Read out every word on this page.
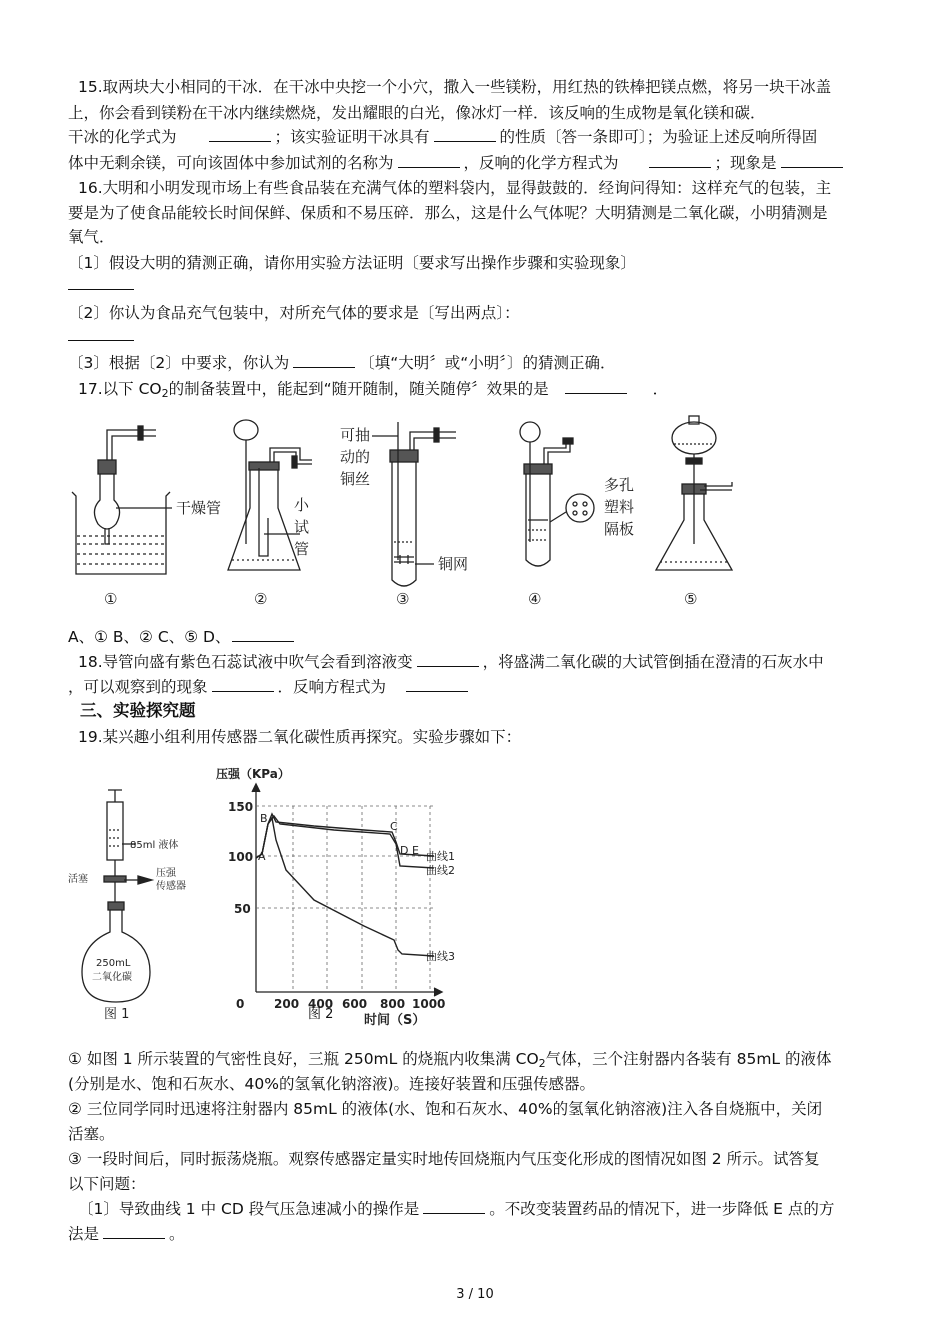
15.取两块大小相同的干冰．在干冰中央挖一个小穴，撒入一些镁粉，用红热的铁棒把镁点燃，将另一块干冰盖
上，你会看到镁粉在干冰内继续燃烧，发出耀眼的白光，像冰灯一样．该反响的生成物是氧化镁和碳．
干冰的化学式为	；该实验证明干冰具有	的性质〔答一条即可〕；为验证上述反响所得固
体中无剩余镁，可向该固体中参加试剂的名称为	，反响的化学方程式为	；现象是
16.大明和小明发现市场上有些食品装在充满气体的塑料袋内，显得鼓鼓的．经询问得知：这样充气的包装，主
要是为了使食品能较长时间保鲜、保质和不易压碎．那么，这是什么气体呢？大明猜测是二氧化碳，小明猜测是
氧气．
〔1〕假设大明的猜测正确，请你用实验方法证明〔要求写出操作步骤和实验现象〕
〔2〕你认为食品充气包装中，对所充气体的要求是〔写出两点〕：
〔3〕根据〔2〕中要求，你认为	〔填“大明〞或“小明〞〕的猜测正确．
17.以下 $CO_2$的制备装置中，能起到“随开随制，随关随停〞效果的是	．
干燥管	小
试
管
可抽
动的
铜丝
铜网
多孔
塑料
隔板
①	②	③	④	⑤
A、① B、② C、⑤ D、
18.导管向盛有紫色石蕊试液中吹气会看到溶液变	，将盛满二氧化碳的大试管倒插在澄清的石灰水中
，可以观察到的现象	．反响方程式为
三、实验探究题
19.某兴趣小组利用传感器二氧化碳性质再探究。实验步骤如下：
85ml 液体
活塞
压强
传感器
250mL
二氧化碳
图 1
压强（KPa）
150
100
50
0 200 400 600 800 1000
时间（S）
A
B
C
D E 曲线1
曲线2
曲线3
图 2
① 如图 1 所示装置的气密性良好，三瓶 250mL 的烧瓶内收集满 $CO_2$气体，三个注射器内各装有 85mL 的液体
(分别是水、饱和石灰水、40%的氢氧化钠溶液)。连接好装置和压强传感器。
② 三位同学同时迅速将注射器内 85mL 的液体(水、饱和石灰水、40%的氢氧化钠溶液)注入各自烧瓶中，关闭
活塞。
③ 一段时间后，同时振荡烧瓶。观察传感器定量实时地传回烧瓶内气压变化形成的图情况如图 2 所示。试答复
以下问题：
〔1〕导致曲线 1 中 CD 段气压急速减小的操作是	。不改变装置药品的情况下，进一步降低 E 点的方
法是	。
3 / 10
